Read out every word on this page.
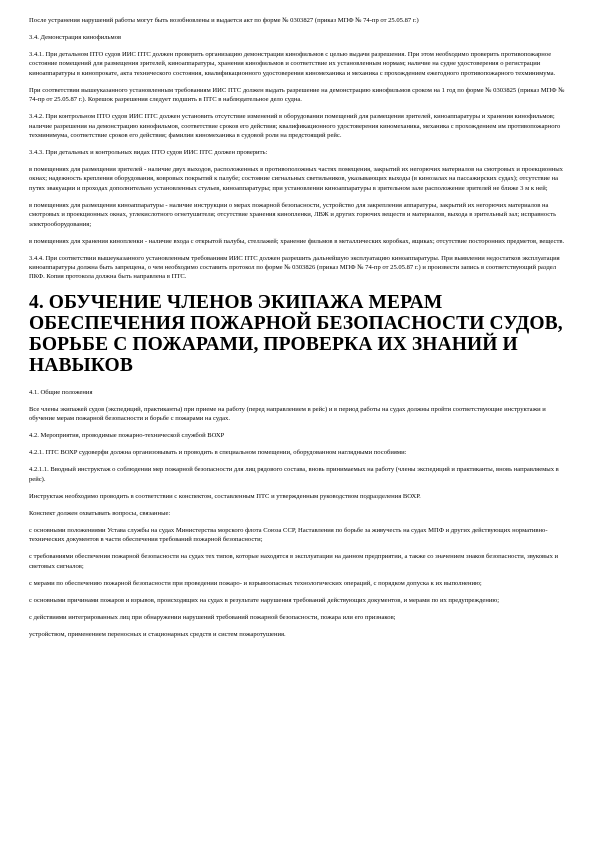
После устранения нарушений работы могут быть возобновлены и выдается акт по форме № 0303827 (приказ МПФ № 74-пр от 25.05.87 г.)

3.4. Демонстрация кинофильмов

3.4.1. При детальном ПТО судов ИИС ПТС должен проверить организацию демонстрации кинофильмов с целью выдачи разрешения. При этом необходимо проверить противопожарное состояние помещений для размещения зрителей, киноаппаратуры, хранения кинофильмов и соответствие их установленным нормам; наличие на судне удостоверения о регистрации киноаппаратуры в кинопрокате, акта технического состояния, квалификационного удостоверения киномеханика и механика с прохождением ежегодного противопожарного техминимума.

При соответствии вышеуказанного установленным требованиям ИИС ПТС должен выдать разрешение на демонстрацию кинофильмов сроком на 1 год по форме № 0303825 (приказ МПФ № 74-пр от 25.05.87 г.). Корешок разрешения следует подшить в ПТС в наблюдательное дело судна.

3.4.2. При контрольном ПТО судов ИИС ПТС должен установить отсутствие изменений в оборудовании помещений для размещения зрителей, киноаппаратуры и хранения кинофильмов; наличие разрешения на демонстрацию кинофильмов, соответствие сроков его действия; квалификационного удостоверения киномеханика, механика с прохождением им противопожарного техминимума, соответствие сроков его действия; фамилии киномеханика в судовой роли на предстоящий рейс.

3.4.3. При детальных и контрольных видах ПТО судов ИИС ПТС должен проверить:

в помещениях для размещения зрителей - наличие двух выходов, расположенных в противоположных частях помещения, закрытий их негорючих материалов на смотровых и проекционных окнах; надежность крепления оборудования, ковровых покрытий к палубе; состояние сигнальных светильников, указывающих выходы (в кинозалах на пассажирских судах); отсутствие на путях эвакуации и проходах дополнительно установленных стульев, киноаппаратуры; при установлении киноаппаратуры в зрительном зале расположение зрителей не ближе 3 м к ней;

в помещениях для размещения киноаппаратуры - наличие инструкции о мерах пожарной безопасности, устройство для закрепления аппаратуры, закрытий их негорючих материалов на смотровых и проекционных окнах, углекислотного огнетушителя; отсутствие хранения кинопленки, ЛВЖ и других горючих веществ и материалов, выхода в зрительный зал; исправность электрооборудования;

в помещениях для хранения кинопленки - наличие входа с открытой палубы, стеллажей; хранение фильмов в металлических коробках, ящиках; отсутствие посторонних предметов, веществ.

3.4.4. При соответствии вышеуказанного установленным требованиям ИИС ПТС должен разрешить дальнейшую эксплуатацию киноаппаратуры. При выявлении недостатков эксплуатация киноаппаратуры должна быть запрещена, о чем необходимо составить протокол по форме № 0303826 (приказ МПФ № 74-пр от 25.05.87 г.) и произвести запись в соответствующий раздел ПКФ. Копия протокола должна быть направлена в ПТС.

4. ОБУЧЕНИЕ ЧЛЕНОВ ЭКИПАЖА МЕРАМ ОБЕСПЕЧЕНИЯ ПОЖАРНОЙ БЕЗОПАСНОСТИ СУДОВ, БОРЬБЕ С ПОЖАРАМИ, ПРОВЕРКА ИХ ЗНАНИЙ И НАВЫКОВ

4.1. Общие положения

Все члены экипажей судов (экспедиций, практиканты) при приеме на работу (перед направлением в рейс) и в период работы на судах должны пройти соответствующие инструктажи и обучение мерам пожарной безопасности и борьбе с пожарами на судах.

4.2. Мероприятия, проводимые пожарно-технической службой ВОХР

4.2.1. ПТС ВОХР судоверфи должна организовывать и проводить в специальном помещении, оборудованном наглядными пособиями:

4.2.1.1. Вводный инструктаж о соблюдении мер пожарной безопасности для лиц рядового состава, вновь принимаемых на работу (члены экспедиций и практиканты, вновь направляемых в рейс).

Инструктаж необходимо проводить в соответствии с конспектом, составленным ПТС и утвержденным руководством подразделения ВОХР.

Конспект должен охватывать вопросы, связанные:

с основными положениями Устава службы на судах Министерства морского флота Союза ССР, Наставления по борьбе за живучесть на судах МПФ и других действующих нормативно-технических документов в части обеспечения требований пожарной безопасности;

с требованиями обеспечения пожарной безопасности на судах тех типов, которые находятся в эксплуатации на данном предприятии, а также со значением знаков безопасности, звуковых и световых сигналов;

с мерами по обеспечению пожарной безопасности при проведении пожаро- и взрывоопасных технологических операций, с порядком допуска к их выполнению;

с основными причинами пожаров и взрывов, происходящих на судах в результате нарушения требований действующих документов, и мерами по их предупреждению;

с действиями интегрированных лиц при обнаружении нарушений требований пожарной безопасности, пожара или его признаков;

устройством, применением переносных и стационарных средств и систем пожаротушения.
